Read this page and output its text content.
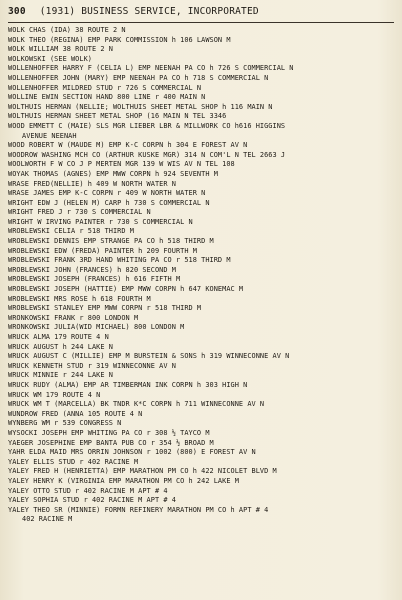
300 (1931) BUSINESS SERVICE, INCORPORATED
WOLK CHAS (IDA) 38 ROUTE 2 N
WOLK THEO (REGINA) EMP PARK COMMISSION h 106 LAWSON M
WOLK WILLIAM 38 ROUTE 2 N
WOLKOWSKI (SEE WOLK)
WOLLENHOFFER HARRY F (CELIA L) EMP NEENAH PA CO h 726 S COMMERCIAL N
WOLLENHOFFER JOHN (MARY) EMP NEENAH PA CO h 718 S COMMERCIAL N
WOLLENHOFFER MILDRED STUD r 726 S COMMERCIAL N
WOLLINE EWIN SECTION HAND 800 LINE r 400 MAIN N
WOLTHUIS HERMAN (NELLIE; WOLTHUIS SHEET METAL SHOP h 116 MAIN N
WOLTHUIS HERMAN SHEET METAL SHOP (16 MAIN N TEL 3346
WOOD EMMETT C (MAIE) SLS MGR LIEBER LBR & MILLWORK CO h616 HIGGINS
AVENUE NEENAH
WOOD ROBERT W (MAUDE M) EMP K-C CORPN h 304 E FOREST AV N
WOODROW WASHING MCH CO (ARTHUR KUSKE MGR) 314 N COM'L N TEL 2663 J
WOOLWORTH F W CO J P MERTEN MGR 139 W WIS AV N TEL 108
WOYAK THOMAS (AGNES) EMP MWW CORPN h 924 SEVENTH M
WRASE FRED(NELLIE) h 409 W NORTH WATER N
WRASE JAMES EMP K-C CORPN r 409 W NORTH WATER N
WRIGHT EDW J (HELEN M) CARP h 730 S COMMERCIAL N
WRIGHT FRED J r 730 S COMMERCIAL N
WRIGHT W IRVING PAINTER r 730 S COMMERCIAL N
WROBLEWSKI CELIA r 518 THIRD M
WROBLEWSKI DENNIS EMP STRANGE PA CO h 518 THIRD M
WROBLEWSKI EDW (FREDA) PAINTER h 209 FOURTH M
WROBLEWSKI FRANK 3RD HAND WHITING PA CO r 518 THIRD M
WROBLEWSKI JOHN (FRANCES) h 820 SECOND M
WROBLEWSKI JOSEPH (FRANCES) h 616 FIFTH M
WROBLEWSKI JOSEPH (HATTIE) EMP MWW CORPN h 647 KONEMAC M
WROBLEWSKI MRS ROSE h 618 FOURTH M
WROBLEWSKI STANLEY EMP MWW CORPN r 518 THIRD M
WRONKOWSKI FRANK r 800 LONDON M
WRONKOWSKI JULIA(WID MICHAEL) 800 LONDON M
WRUCK ALMA 179 ROUTE 4 N
WRUCK AUGUST h 244 LAKE N
WRUCK AUGUST C (MILLIE) EMP M BURSTEIN & SONS h 319 WINNECONNE AV N
WRUCK KENNETH STUD r 319 WINNECONNE AV N
WRUCK MINNIE r 244 LAKE N
WRUCK RUDY (ALMA) EMP AR TIMBERMAN INK CORPN h 303 HIGH N
WRUCK WM 179 ROUTE 4 N
WRUCK WM T (MARCELLA) BK TNDR K*C CORPN h 711 WINNECONNE AV N
WUNDROW FRED (ANNA 105 ROUTE 4 N
WYNBERG WM r 539 CONGRESS N
WYSOCKI JOSEPH EMP WHITING PA CO r 308 ½ TAYCO M
YAEGER JOSEPHINE EMP BANTA PUB CO r 354 ½ BROAD M
YAHR ELDA MAID MRS ORRIN JOHNSON r 1002 (800) E FOREST AV N
YALEY ELLIS STUD r 402 RACINE M
YALEY FRED H (HENRIETTA) EMP MARATHON PM CO h 422 NICOLET BLVD M
YALEY HENRY K (VIRGINIA EMP MARATHON PM CO h 242 LAKE M
YALEY OTTO STUD r 402 RACINE M APT # 4
YALEY SOPHIA STUD r 402 RACINE M APT # 4
YALEY THEO SR (MINNIE) FORMN REFINERY MARATHON PM CO h APT # 4
402 RACINE M
